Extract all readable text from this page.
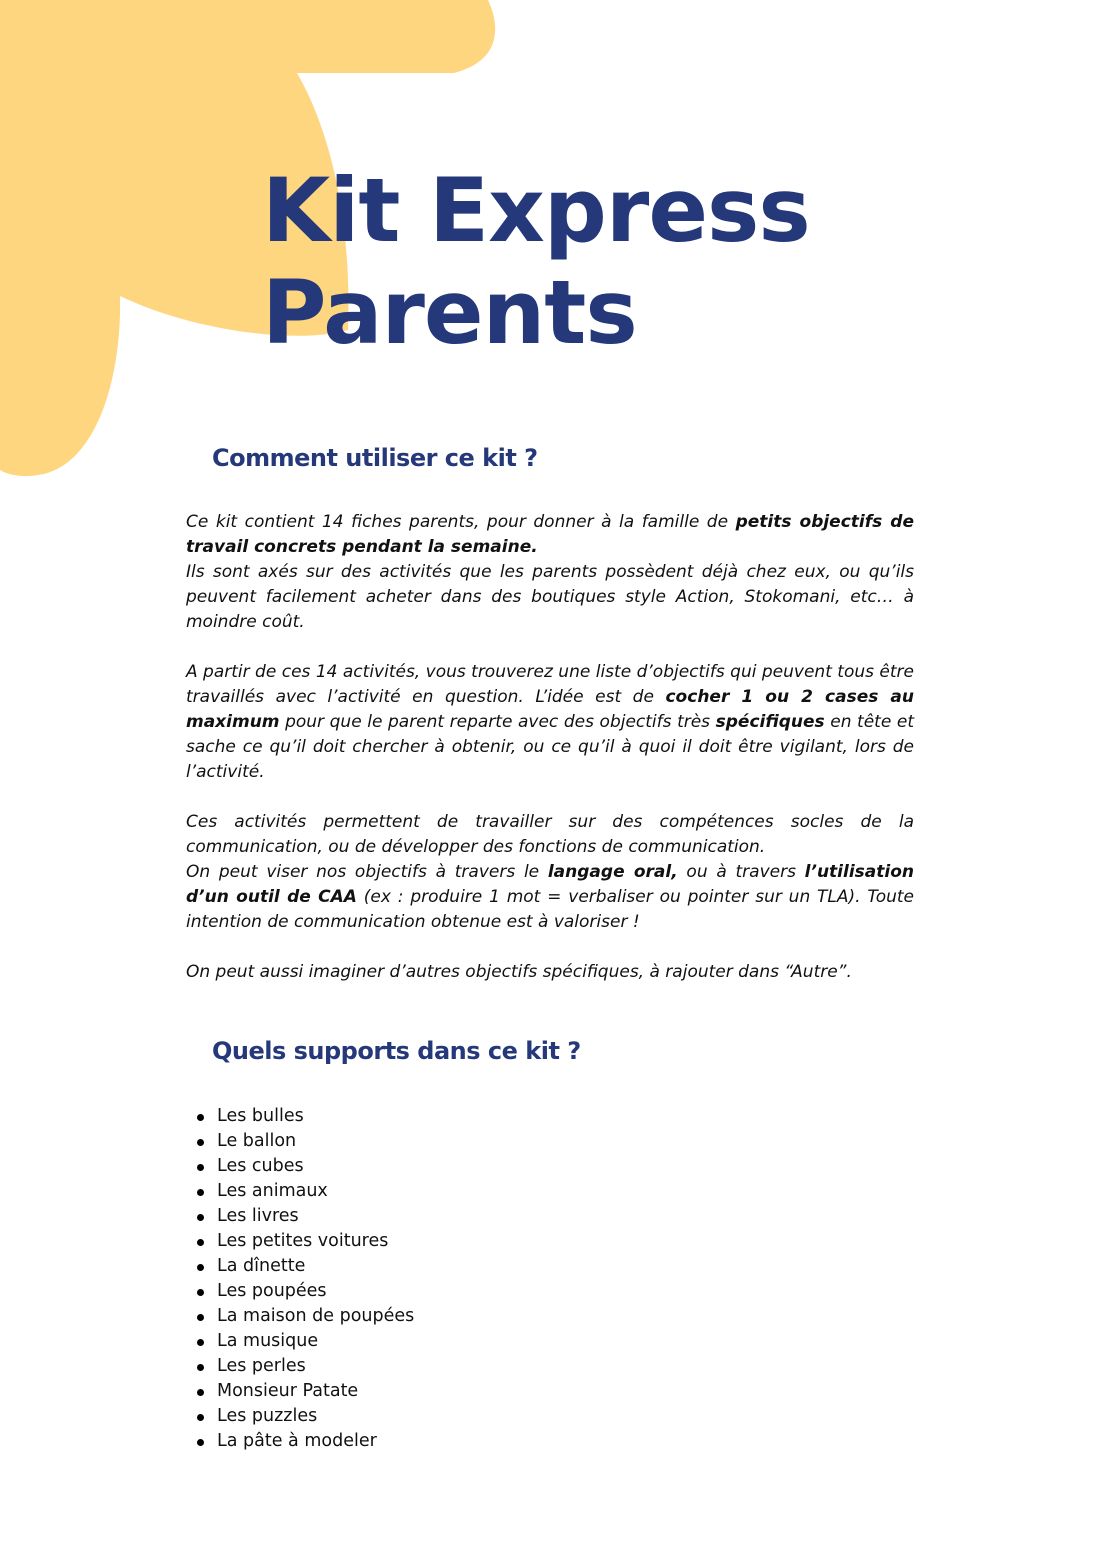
Kit Express
Parents
Comment utiliser ce kit ?

Ce kit contient 14 fiches parents, pour donner à la famille de petits objectifs de travail concrets pendant la semaine.
Ils sont axés sur des activités que les parents possèdent déjà chez eux, ou qu’ils peuvent facilement acheter dans des boutiques style Action, Stokomani, etc… à moindre coût.

A partir de ces 14 activités, vous trouverez une liste d’objectifs qui peuvent tous être travaillés avec l’activité en question. L’idée est de cocher 1 ou 2 cases au maximum pour que le parent reparte avec des objectifs très spécifiques en tête et sache ce qu’il doit chercher à obtenir, ou ce qu’il à quoi il doit être vigilant, lors de l’activité.

Ces activités permettent de travailler sur des compétences socles de la communication, ou de développer des fonctions de communication.
On peut viser nos objectifs à travers le langage oral, ou à travers l’utilisation d’un outil de CAA (ex : produire 1 mot = verbaliser ou pointer sur un TLA). Toute intention de communication obtenue est à valoriser !

On peut aussi imaginer d’autres objectifs spécifiques, à rajouter dans “Autre”.

Quels supports dans ce kit ?
Les bulles
Le ballon
Les cubes
Les animaux
Les livres
Les petites voitures
La dînette
Les poupées
La maison de poupées
La musique
Les perles
Monsieur Patate
Les puzzles
La pâte à modeler
